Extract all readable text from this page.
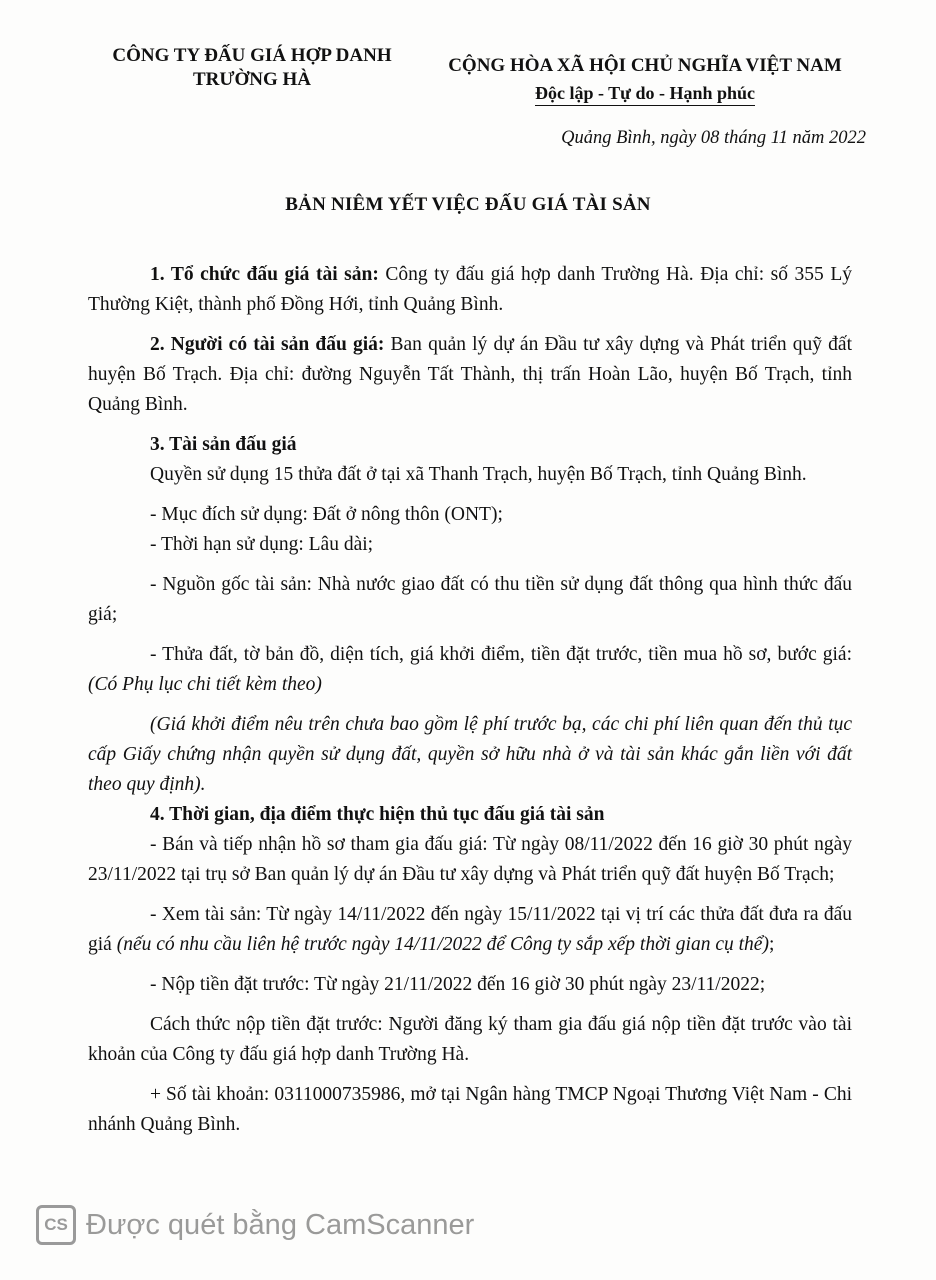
CÔNG TY ĐẤU GIÁ HỢP DANH
TRƯỜNG HÀ
CỘNG HÒA XÃ HỘI CHỦ NGHĨA VIỆT NAM
Độc lập - Tự do - Hạnh phúc
Quảng Bình, ngày 08 tháng 11 năm 2022
BẢN NIÊM YẾT VIỆC ĐẤU GIÁ TÀI SẢN

1. Tổ chức đấu giá tài sản: Công ty đấu giá hợp danh Trường Hà. Địa chỉ: số 355 Lý Thường Kiệt, thành phố Đồng Hới, tỉnh Quảng Bình.

2. Người có tài sản đấu giá: Ban quản lý dự án Đầu tư xây dựng và Phát triển quỹ đất huyện Bố Trạch. Địa chỉ: đường Nguyễn Tất Thành, thị trấn Hoàn Lão, huyện Bố Trạch, tỉnh Quảng Bình.

3. Tài sản đấu giá

Quyền sử dụng 15 thửa đất ở tại xã Thanh Trạch, huyện Bố Trạch, tỉnh Quảng Bình.

- Mục đích sử dụng: Đất ở nông thôn (ONT);

- Thời hạn sử dụng: Lâu dài;

- Nguồn gốc tài sản: Nhà nước giao đất có thu tiền sử dụng đất thông qua hình thức đấu giá;

- Thửa đất, tờ bản đồ, diện tích, giá khởi điểm, tiền đặt trước, tiền mua hồ sơ, bước giá: (Có Phụ lục chi tiết kèm theo)

(Giá khởi điểm nêu trên chưa bao gồm lệ phí trước bạ, các chi phí liên quan đến thủ tục cấp Giấy chứng nhận quyền sử dụng đất, quyền sở hữu nhà ở và tài sản khác gắn liền với đất theo quy định).

4. Thời gian, địa điểm thực hiện thủ tục đấu giá tài sản

- Bán và tiếp nhận hồ sơ tham gia đấu giá: Từ ngày 08/11/2022 đến 16 giờ 30 phút ngày 23/11/2022 tại trụ sở Ban quản lý dự án Đầu tư xây dựng và Phát triển quỹ đất huyện Bố Trạch;

- Xem tài sản: Từ ngày 14/11/2022 đến ngày 15/11/2022 tại vị trí các thửa đất đưa ra đấu giá (nếu có nhu cầu liên hệ trước ngày 14/11/2022 để Công ty sắp xếp thời gian cụ thể);

- Nộp tiền đặt trước: Từ ngày 21/11/2022 đến 16 giờ 30 phút ngày 23/11/2022;

Cách thức nộp tiền đặt trước: Người đăng ký tham gia đấu giá nộp tiền đặt trước vào tài khoản của Công ty đấu giá hợp danh Trường Hà.

+ Số tài khoản: 0311000735986, mở tại Ngân hàng TMCP Ngoại Thương Việt Nam - Chi nhánh Quảng Bình.

CS Được quét bằng CamScanner
